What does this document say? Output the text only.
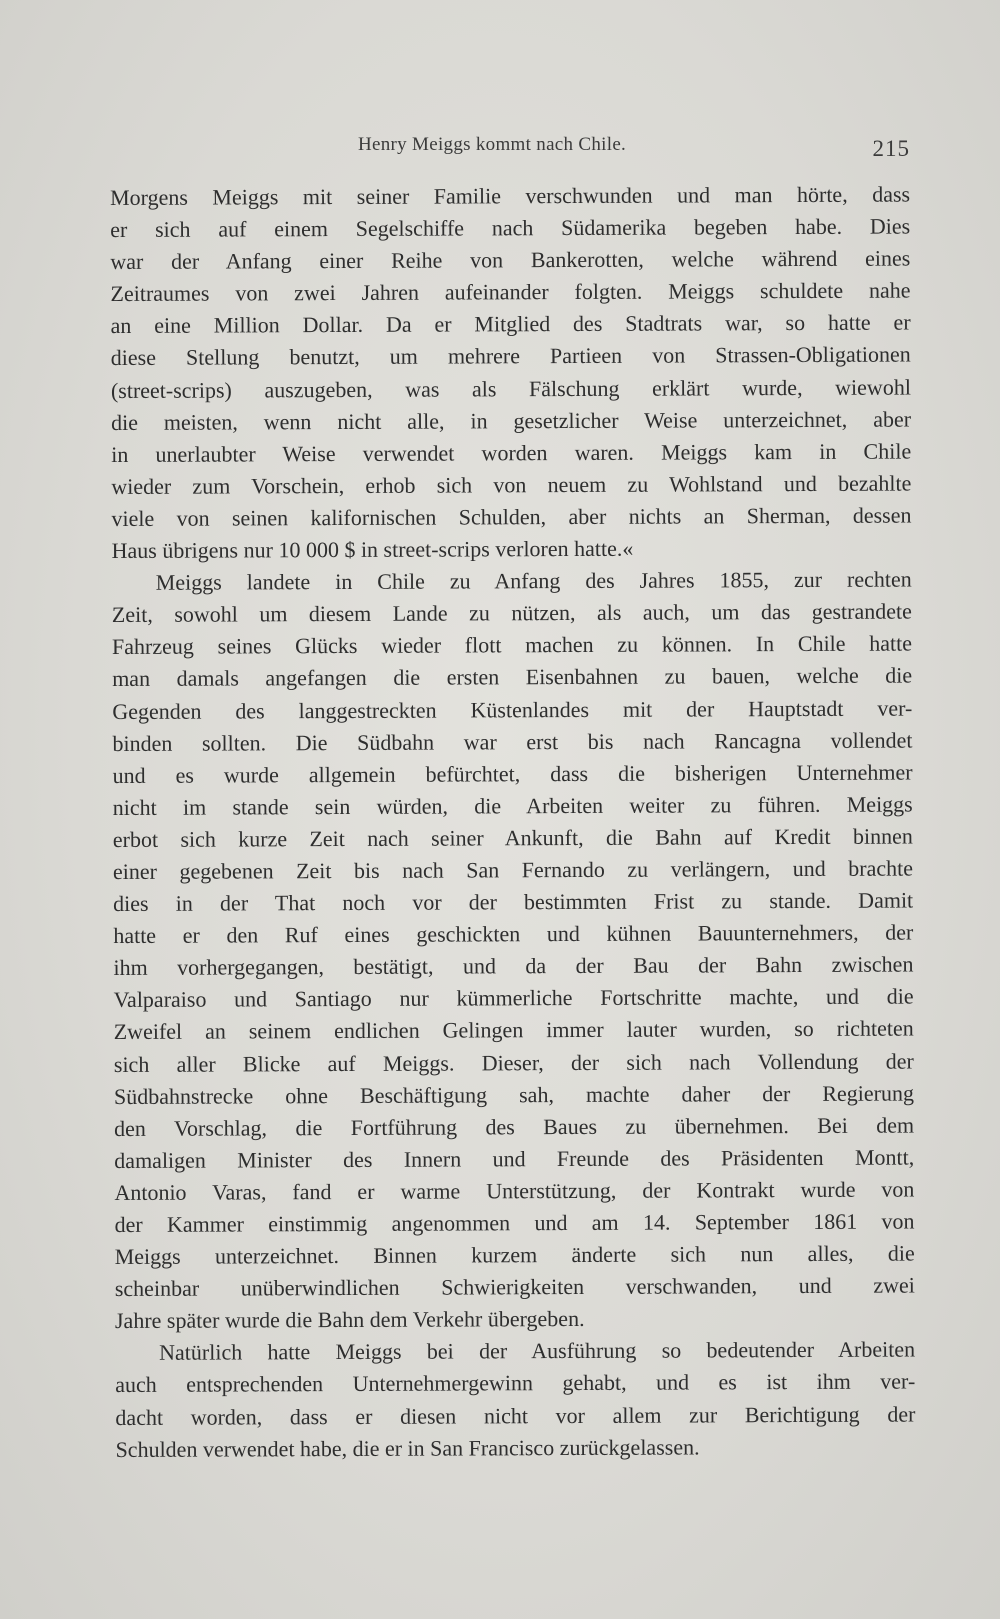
Henry Meiggs kommt nach Chile.	215
Morgens Meiggs mit seiner Familie verschwunden und man hörte, dass
er sich auf einem Segelschiffe nach Südamerika begeben habe. Dies
war der Anfang einer Reihe von Bankerotten, welche während eines
Zeitraumes von zwei Jahren aufeinander folgten. Meiggs schuldete nahe
an eine Million Dollar. Da er Mitglied des Stadtrats war, so hatte er
diese Stellung benutzt, um mehrere Partieen von Strassen-Obligationen
(street-scrips) auszugeben, was als Fälschung erklärt wurde, wiewohl
die meisten, wenn nicht alle, in gesetzlicher Weise unterzeichnet, aber
in unerlaubter Weise verwendet worden waren. Meiggs kam in Chile
wieder zum Vorschein, erhob sich von neuem zu Wohlstand und bezahlte
viele von seinen kalifornischen Schulden, aber nichts an Sherman, dessen
Haus übrigens nur 10 000 $ in street-scrips verloren hatte.«
Meiggs landete in Chile zu Anfang des Jahres 1855, zur rechten
Zeit, sowohl um diesem Lande zu nützen, als auch, um das gestrandete
Fahrzeug seines Glücks wieder flott machen zu können. In Chile hatte
man damals angefangen die ersten Eisenbahnen zu bauen, welche die
Gegenden des langgestreckten Küstenlandes mit der Hauptstadt ver-
binden sollten. Die Südbahn war erst bis nach Rancagna vollendet
und es wurde allgemein befürchtet, dass die bisherigen Unternehmer
nicht im stande sein würden, die Arbeiten weiter zu führen. Meiggs
erbot sich kurze Zeit nach seiner Ankunft, die Bahn auf Kredit binnen
einer gegebenen Zeit bis nach San Fernando zu verlängern, und brachte
dies in der That noch vor der bestimmten Frist zu stande. Damit
hatte er den Ruf eines geschickten und kühnen Bauunternehmers, der
ihm vorhergegangen, bestätigt, und da der Bau der Bahn zwischen
Valparaiso und Santiago nur kümmerliche Fortschritte machte, und die
Zweifel an seinem endlichen Gelingen immer lauter wurden, so richteten
sich aller Blicke auf Meiggs. Dieser, der sich nach Vollendung der
Südbahnstrecke ohne Beschäftigung sah, machte daher der Regierung
den Vorschlag, die Fortführung des Baues zu übernehmen. Bei dem
damaligen Minister des Innern und Freunde des Präsidenten Montt,
Antonio Varas, fand er warme Unterstützung, der Kontrakt wurde von
der Kammer einstimmig angenommen und am 14. September 1861 von
Meiggs unterzeichnet. Binnen kurzem änderte sich nun alles, die
scheinbar unüberwindlichen Schwierigkeiten verschwanden, und zwei
Jahre später wurde die Bahn dem Verkehr übergeben.
Natürlich hatte Meiggs bei der Ausführung so bedeutender Arbeiten
auch entsprechenden Unternehmergewinn gehabt, und es ist ihm ver-
dacht worden, dass er diesen nicht vor allem zur Berichtigung der
Schulden verwendet habe, die er in San Francisco zurückgelassen.
